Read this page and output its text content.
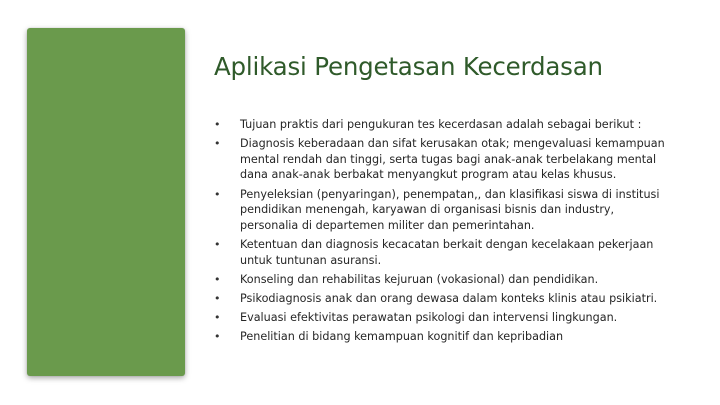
Aplikasi Pengetasan Kecerdasan
•	Tujuan praktis dari pengukuran tes kecerdasan adalah sebagai berikut :
•	Diagnosis keberadaan dan sifat kerusakan otak; mengevaluasi kemampuan mental rendah dan tinggi, serta tugas bagi anak-anak terbelakang mental dana anak-anak berbakat menyangkut program atau kelas khusus.
•	Penyeleksian (penyaringan), penempatan,, dan klasifikasi siswa di institusi pendidikan menengah, karyawan di organisasi bisnis dan industry, personalia di departemen militer dan pemerintahan.
•	Ketentuan dan diagnosis kecacatan berkait dengan kecelakaan pekerjaan untuk tuntunan asuransi.
•	Konseling dan rehabilitas kejuruan (vokasional) dan pendidikan.
•	Psikodiagnosis anak dan orang dewasa dalam konteks klinis atau psikiatri.
•	Evaluasi efektivitas perawatan psikologi dan intervensi lingkungan.
•	Penelitian di bidang kemampuan kognitif dan kepribadian
